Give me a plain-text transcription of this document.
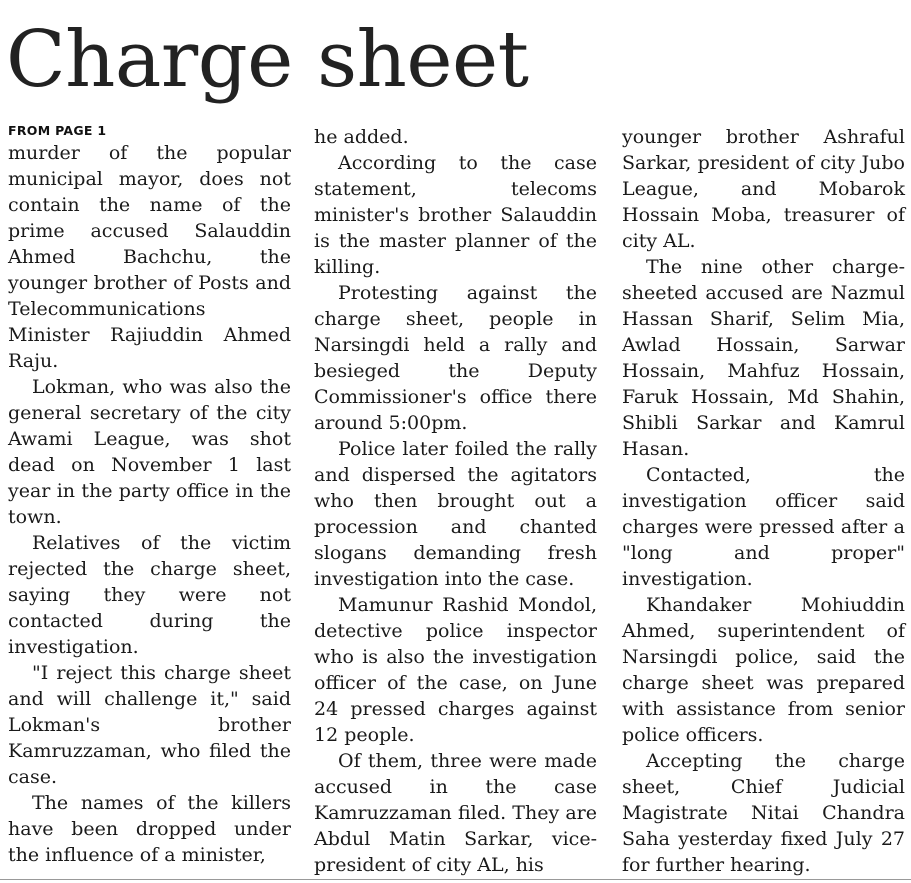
Charge sheet
FROM PAGE 1

murder of the popular municipal mayor, does not contain the name of the prime accused Salauddin Ahmed Bachchu, the younger brother of Posts and Telecommunications Minister Rajiuddin Ahmed Raju.

Lokman, who was also the general secretary of the city Awami League, was shot dead on November 1 last year in the party office in the town.

Relatives of the victim rejected the charge sheet, saying they were not contacted during the investigation.

"I reject this charge sheet and will challenge it," said Lokman's brother Kamruzzaman, who filed the case.

The names of the killers have been dropped under the influence of a minister,

he added.

According to the case statement, telecoms minister's brother Salauddin is the master planner of the killing.

Protesting against the charge sheet, people in Narsingdi held a rally and besieged the Deputy Commissioner's office there around 5:00pm.

Police later foiled the rally and dispersed the agitators who then brought out a procession and chanted slogans demanding fresh investigation into the case.

Mamunur Rashid Mondol, detective police inspector who is also the investigation officer of the case, on June 24 pressed charges against 12 people.

Of them, three were made accused in the case Kamruzzaman filed. They are Abdul Matin Sarkar, vice-president of city AL, his

younger brother Ashraful Sarkar, president of city Jubo League, and Mobarok Hossain Moba, treasurer of city AL.

The nine other charge-sheeted accused are Nazmul Hassan Sharif, Selim Mia, Awlad Hossain, Sarwar Hossain, Mahfuz Hossain, Faruk Hossain, Md Shahin, Shibli Sarkar and Kamrul Hasan.

Contacted, the investigation officer said charges were pressed after a "long and proper" investigation.

Khandaker Mohiuddin Ahmed, superintendent of Narsingdi police, said the charge sheet was prepared with assistance from senior police officers.

Accepting the charge sheet, Chief Judicial Magistrate Nitai Chandra Saha yesterday fixed July 27 for further hearing.
